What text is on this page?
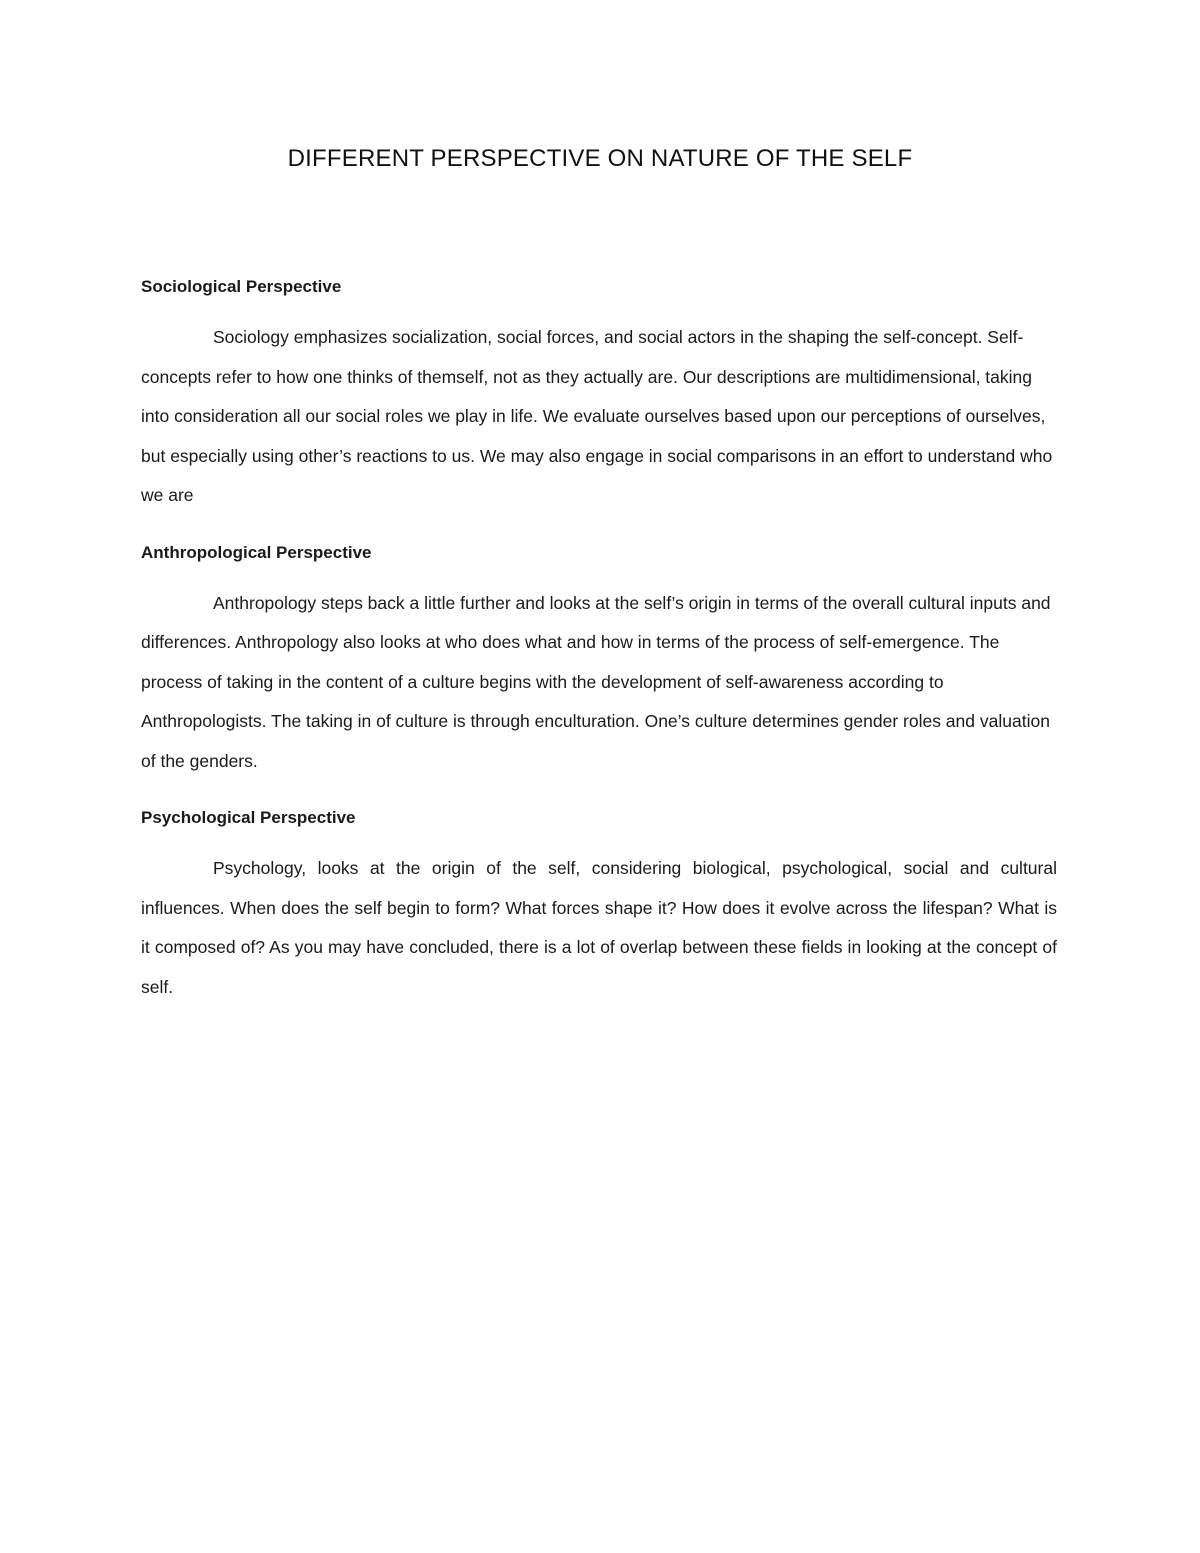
DIFFERENT PERSPECTIVE ON NATURE OF THE SELF

Sociological Perspective

Sociology emphasizes socialization, social forces, and social actors in the shaping the self-concept. Self-concepts refer to how one thinks of themself, not as they actually are. Our descriptions are multidimensional, taking into consideration all our social roles we play in life. We evaluate ourselves based upon our perceptions of ourselves, but especially using other’s reactions to us. We may also engage in social comparisons in an effort to understand who we are

Anthropological Perspective

Anthropology steps back a little further and looks at the self’s origin in terms of the overall cultural inputs and differences. Anthropology also looks at who does what and how in terms of the process of self-emergence. The process of taking in the content of a culture begins with the development of self-awareness according to Anthropologists. The taking in of culture is through enculturation. One’s culture determines gender roles and valuation of the genders.

Psychological Perspective

Psychology, looks at the origin of the self, considering biological, psychological, social and cultural influences. When does the self begin to form? What forces shape it? How does it evolve across the lifespan? What is it composed of? As you may have concluded, there is a lot of overlap between these fields in looking at the concept of self.
